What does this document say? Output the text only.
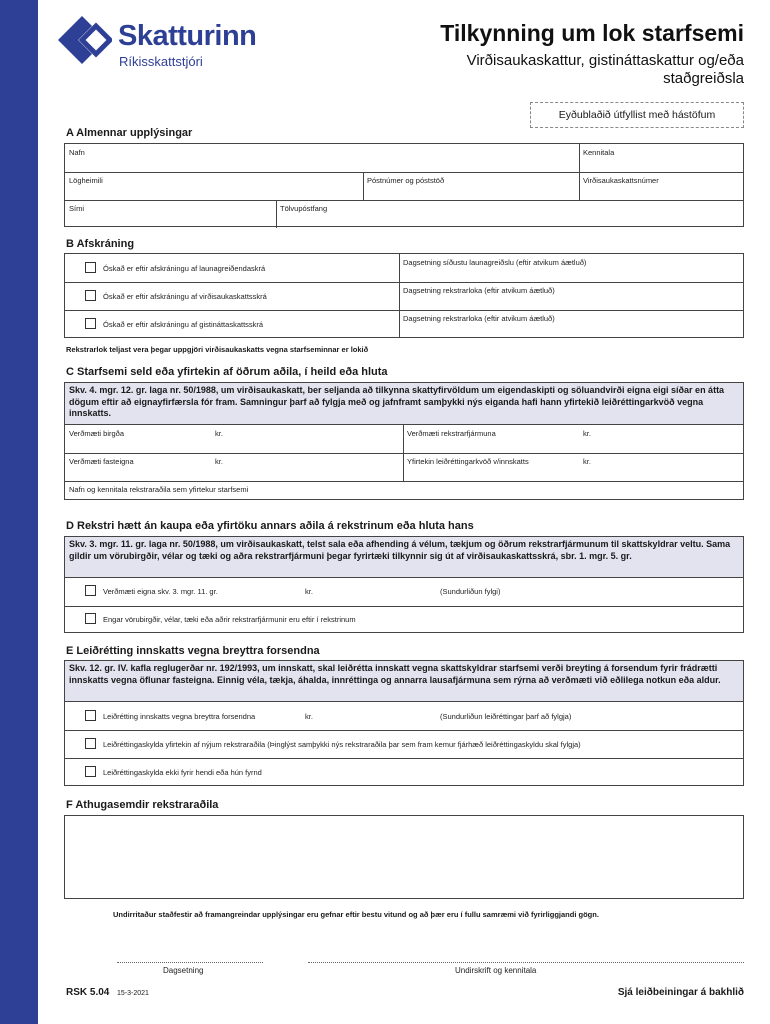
Skatturinn
Ríkisskattstjóri
Tilkynning um lok starfsemi
Virðisaukaskattur, gistináttaskattur og/eða staðgreiðsla
Eyðublaðið útfyllist með hástöfum
A Almennar upplýsingar
Nafn	Kennitala
Lögheimili	Póstnúmer og póststöð	Virðisaukaskattsnúmer
Sími	Tölvupóstfang
B Afskráning
Óskað er eftir afskráningu af launagreiðendaskrá
Dagsetning síðustu launagreiðslu (eftir atvikum áætluð)
Óskað er eftir afskráningu af virðisaukaskattsskrá
Dagsetning rekstrarloka (eftir atvikum áætluð)
Óskað er eftir afskráningu af gistináttaskattsskrá
Dagsetning rekstrarloka (eftir atvikum áætluð)
Rekstrarlok teljast vera þegar uppgjöri virðisaukaskatts vegna starfseminnar er lokið
C Starfsemi seld eða yfirtekin af öðrum aðila, í heild eða hluta
Skv. 4. mgr. 12. gr. laga nr. 50/1988, um virðisaukaskatt, ber seljanda að tilkynna skattyfirvöldum um eigendaskipti og söluandvirði eigna eigi síðar en átta dögum eftir að eignayfirfærsla fór fram. Samningur þarf að fylgja með og jafnframt samþykki nýs eiganda hafi hann yfirtekið leiðréttingarkvöð vegna innskatts.
Verðmæti birgða	kr.	Verðmæti rekstrarfjármuna	kr.
Verðmæti fasteigna	kr.	Yfirtekin leiðréttingarkvöð v/innskatts	kr.
Nafn og kennitala rekstraraðila sem yfirtekur starfsemi
D Rekstri hætt án kaupa eða yfirtöku annars aðila á rekstrinum eða hluta hans
Skv. 3. mgr. 11. gr. laga nr. 50/1988, um virðisaukaskatt, telst sala eða afhending á vélum, tækjum og öðrum rekstrarfjármunum til skattskyldrar veltu. Sama gildir um vörubirgðir, vélar og tæki og aðra rekstrarfjármuni þegar fyrirtæki tilkynnir sig út af virðisaukaskattsskrá, sbr. 1. mgr. 5. gr.
Verðmæti eigna skv. 3. mgr. 11. gr.	kr.	(Sundurliðun fylgi)
Engar vörubirgðir, vélar, tæki eða aðrir rekstrarfjármunir eru eftir í rekstrinum
E Leiðrétting innskatts vegna breyttra forsendna
Skv. 12. gr. IV. kafla reglugerðar nr. 192/1993, um innskatt, skal leiðrétta innskatt vegna skattskyldrar starfsemi verði breyting á forsendum fyrir frádrætti innskatts vegna öflunar fasteigna. Einnig véla, tækja, áhalda, innréttinga og annarra lausafjármuna sem rýrna að verðmæti við eðlilega notkun eða aldur.
Leiðrétting innskatts vegna breyttra forsendna	kr.	(Sundurliðun leiðréttingar þarf að fylgja)
Leiðréttingaskylda yfirtekin af nýjum rekstraraðila (Þinglýst samþykki nýs rekstraraðila þar sem fram kemur fjárhæð leiðréttingaskyldu skal fylgja)
Leiðréttingaskylda ekki fyrir hendi eða hún fyrnd
F Athugasemdir rekstraraðila
Undirritaður staðfestir að framangreindar upplýsingar eru gefnar eftir bestu vitund og að þær eru í fullu samræmi við fyrirliggjandi gögn.
Dagsetning	Undirskrift og kennitala
RSK 5.04 15-3-2021	Sjá leiðbeiningar á bakhlið
